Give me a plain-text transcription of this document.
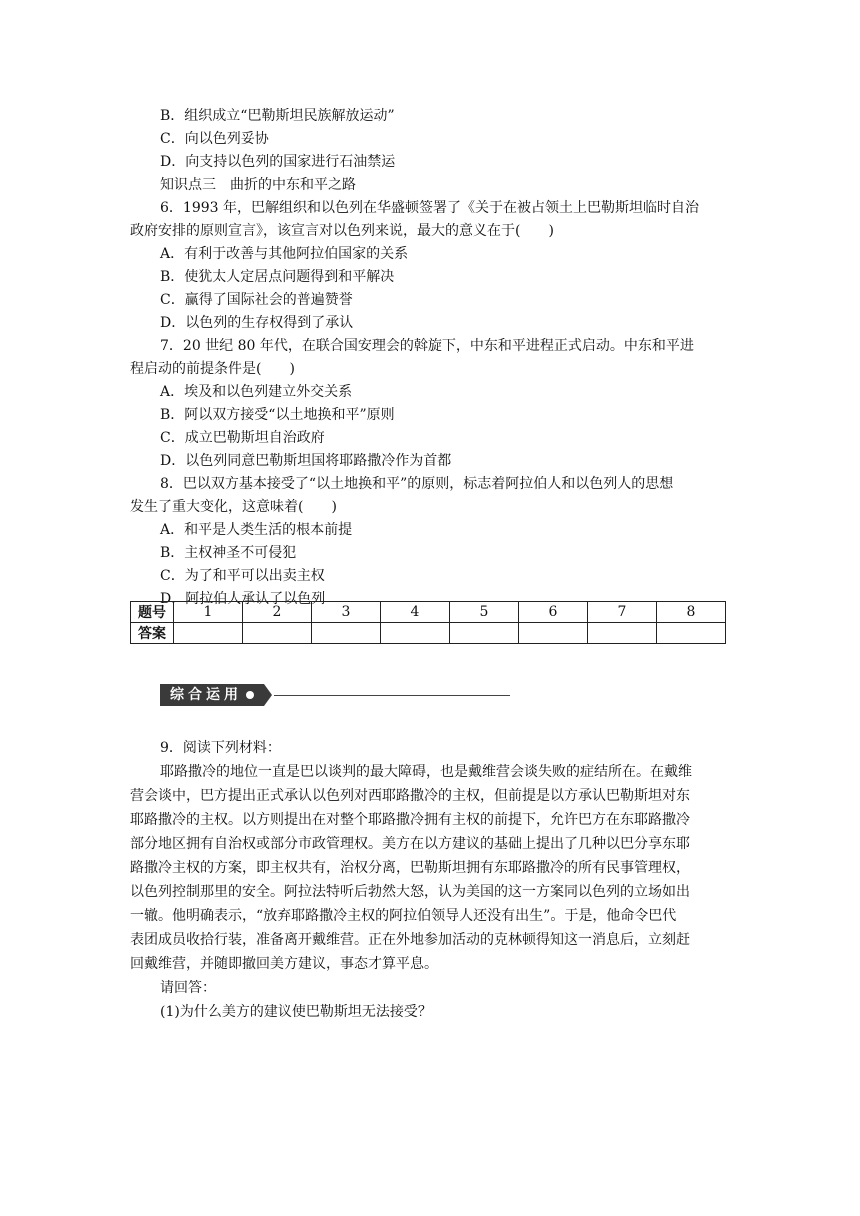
B．组织成立“巴勒斯坦民族解放运动”
C．向以色列妥协
D．向支持以色列的国家进行石油禁运
知识点三　曲折的中东和平之路
6．1993 年，巴解组织和以色列在华盛顿签署了《关于在被占领土上巴勒斯坦临时自治
政府安排的原则宣言》，该宣言对以色列来说，最大的意义在于(　　)
A．有利于改善与其他阿拉伯国家的关系
B．使犹太人定居点问题得到和平解决
C．赢得了国际社会的普遍赞誉
D．以色列的生存权得到了承认
7．20 世纪 80 年代，在联合国安理会的斡旋下，中东和平进程正式启动。中东和平进
程启动的前提条件是(　　)
A．埃及和以色列建立外交关系
B．阿以双方接受“以土地换和平”原则
C．成立巴勒斯坦自治政府
D．以色列同意巴勒斯坦国将耶路撒冷作为首都
8．巴以双方基本接受了“以土地换和平”的原则，标志着阿拉伯人和以色列人的思想
发生了重大变化，这意味着(　　)
A．和平是人类生活的根本前提
B．主权神圣不可侵犯
C．为了和平可以出卖主权
D．阿拉伯人承认了以色列
题号	1	2	3	4	5	6	7	8
答案								
综合运用
9．阅读下列材料：
耶路撒冷的地位一直是巴以谈判的最大障碍，也是戴维营会谈失败的症结所在。在戴维
营会谈中，巴方提出正式承认以色列对西耶路撒冷的主权，但前提是以方承认巴勒斯坦对东
耶路撒冷的主权。以方则提出在对整个耶路撒冷拥有主权的前提下，允许巴方在东耶路撒冷
部分地区拥有自治权或部分市政管理权。美方在以方建议的基础上提出了几种以巴分享东耶
路撒冷主权的方案，即主权共有，治权分离，巴勒斯坦拥有东耶路撒冷的所有民事管理权，
以色列控制那里的安全。阿拉法特听后勃然大怒，认为美国的这一方案同以色列的立场如出
一辙。他明确表示，“放弃耶路撒冷主权的阿拉伯领导人还没有出生”。于是，他命令巴代
表团成员收拾行装，准备离开戴维营。正在外地参加活动的克林顿得知这一消息后，立刻赶
回戴维营，并随即撤回美方建议，事态才算平息。
请回答：
(1)为什么美方的建议使巴勒斯坦无法接受？
